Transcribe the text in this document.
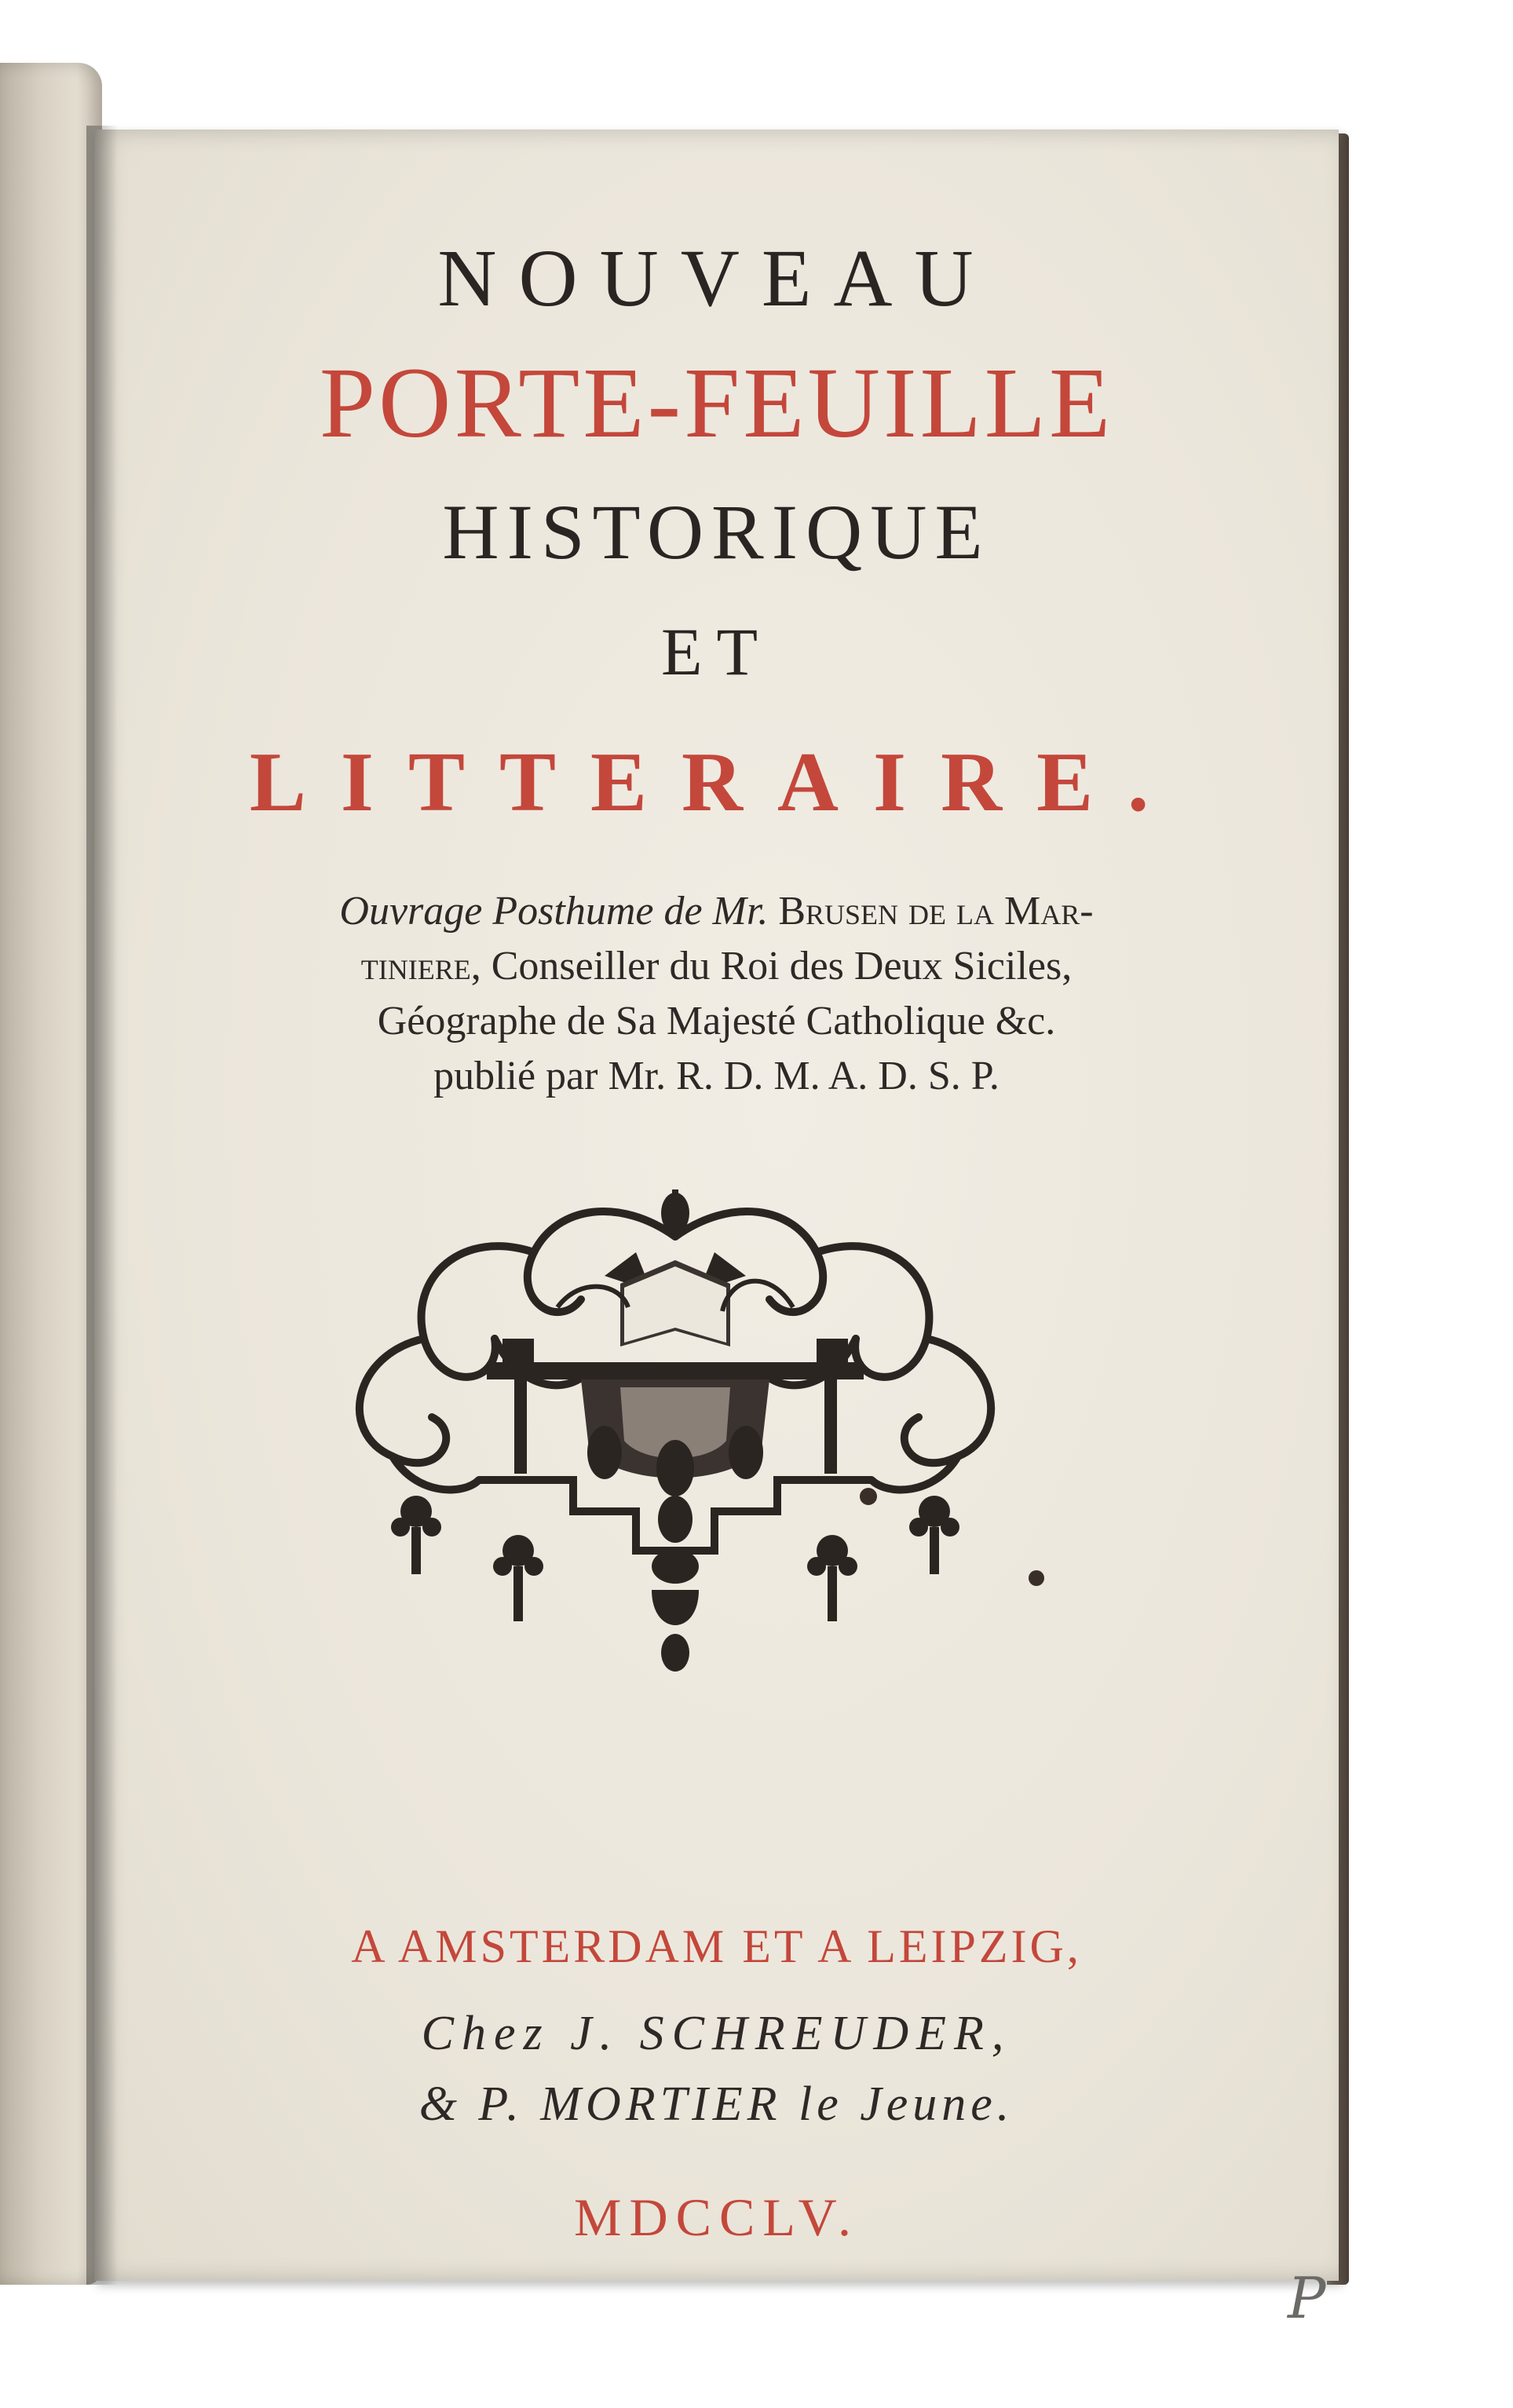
NOUVEAU
PORTE-FEUILLE
HISTORIQUE
ET
LITTERAIRE.
Ouvrage Posthume de Mr. Brusen de la Mar-
tiniere, Conseiller du Roi des Deux Siciles,
Géographe de Sa Majesté Catholique &c.
publié par Mr. R. D. M. A. D. S. P.
A AMSTERDAM ET A LEIPZIG,
Chez J. SCHREUDER,
& P. MORTIER le Jeune.
MDCCLV.
P
